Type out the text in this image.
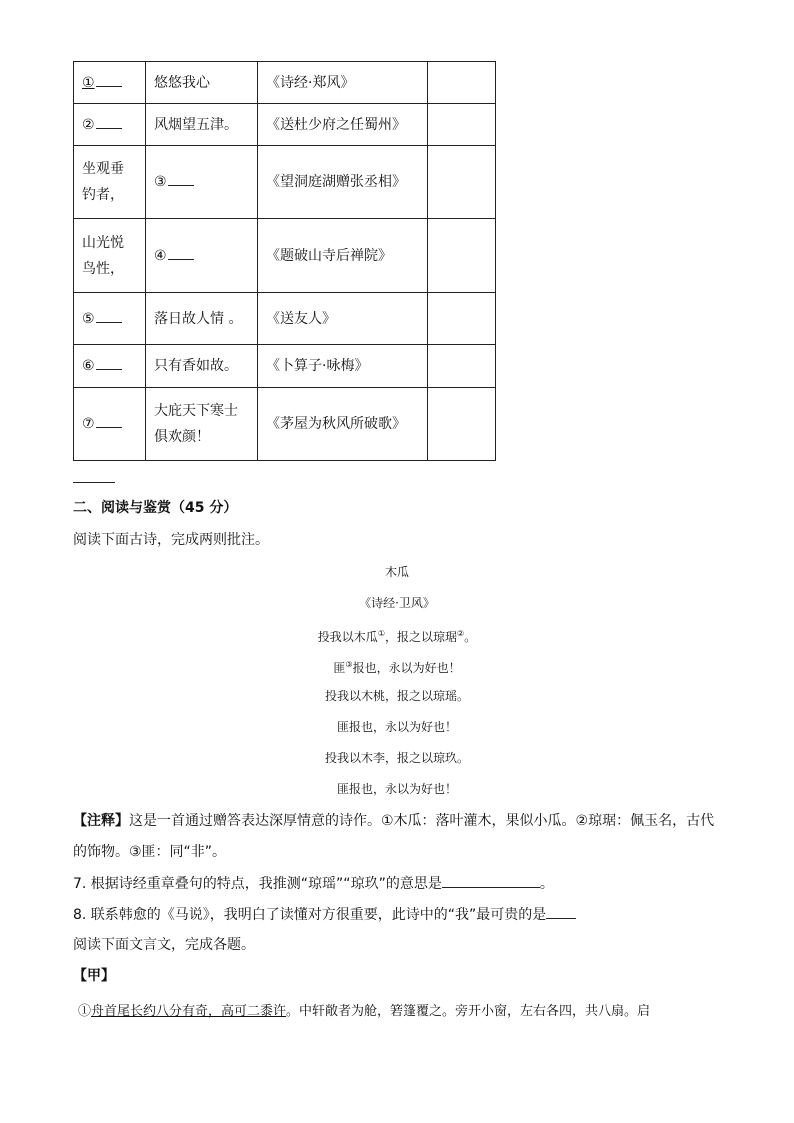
①	悠悠我心	《诗经·郑风》	
②	风烟望五津。	《送杜少府之任蜀州》	
坐观垂钓者，	③	《望洞庭湖赠张丞相》	
山光悦鸟性，	④	《题破山寺后禅院》	
⑤	落日故人情 。	《送友人》	
⑥	只有香如故。	《卜算子·咏梅》	
⑦	大庇天下寒士俱欢颜！	《茅屋为秋风所破歌》	
二、阅读与鉴赏（45 分）
阅读下面古诗，完成两则批注。
木瓜
《诗经·卫风》
投我以木瓜①，报之以琼琚②。
匪③报也，永以为好也！
投我以木桃，报之以琼瑶。
匪报也，永以为好也！
投我以木李，报之以琼玖。
匪报也，永以为好也！
【注释】这是一首通过赠答表达深厚情意的诗作。①木瓜：落叶灌木，果似小瓜。②琼琚：佩玉名，古代
的饰物。③匪：同“非”。
7. 根据诗经重章叠句的特点，我推测“琼瑶”“琼玖”的意思是	。
8. 联系韩愈的《马说》，我明白了读懂对方很重要，此诗中的“我”最可贵的是
阅读下面文言文，完成各题。
【甲】
①舟首尾长约八分有奇，高可二黍许。中轩敞者为舱，箬篷覆之。旁开小窗，左右各四，共八扇。启
